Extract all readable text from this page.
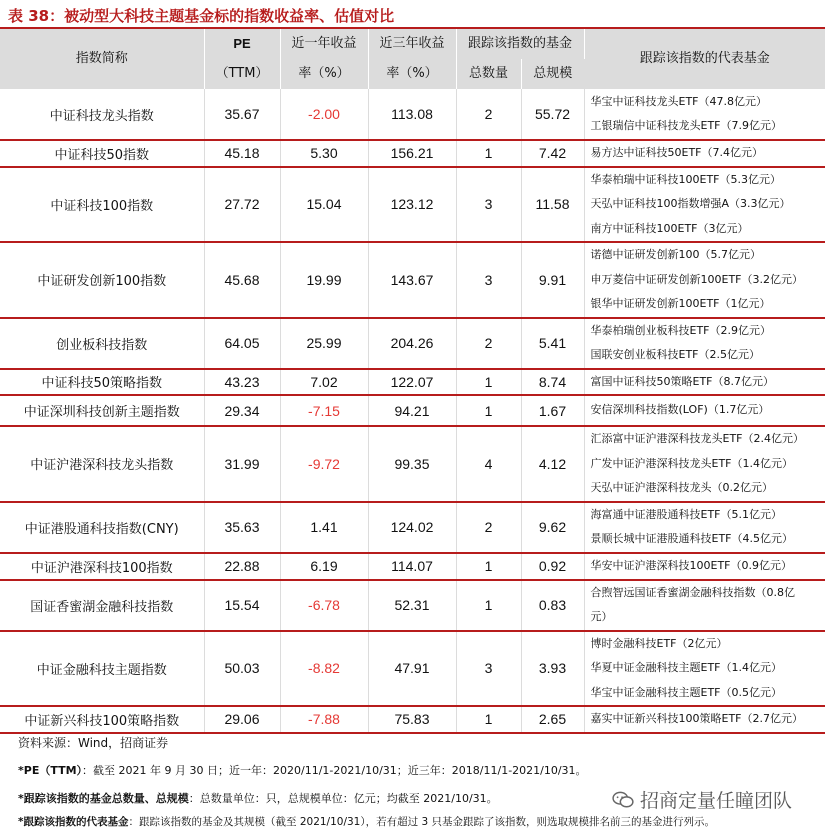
表 38：被动型大科技主题基金标的指数收益率、估值对比
指数简称	PE	近一年收益	近三年收益	跟踪该指数的基金		跟踪该指数的代表基金
	（TTM）	率（%）	率（%）	总数量	总规模	
中证科技龙头指数	35.67	-2.00	113.08	2	55.72	华宝中证科技龙头ETF（47.8亿元）
工银瑞信中证科技龙头ETF（7.9亿元）

中证科技50指数	45.18	5.30	156.21	1	7.42	易方达中证科技50ETF（7.4亿元）

中证科技100指数	27.72	15.04	123.12	3	11.58	华泰柏瑞中证科技100ETF（5.3亿元）
天弘中证科技100指数增强A（3.3亿元）
南方中证科技100ETF（3亿元）

中证研发创新100指数	45.68	19.99	143.67	3	9.91	诺德中证研发创新100（5.7亿元）
申万菱信中证研发创新100ETF（3.2亿元）
银华中证研发创新100ETF（1亿元）

创业板科技指数	64.05	25.99	204.26	2	5.41	华泰柏瑞创业板科技ETF（2.9亿元）
国联安创业板科技ETF（2.5亿元）

中证科技50策略指数	43.23	7.02	122.07	1	8.74	富国中证科技50策略ETF（8.7亿元）

中证深圳科技创新主题指数	29.34	-7.15	94.21	1	1.67	安信深圳科技指数(LOF)（1.7亿元）

中证沪港深科技龙头指数	31.99	-9.72	99.35	4	4.12	汇添富中证沪港深科技龙头ETF（2.4亿元）
广发中证沪港深科技龙头ETF（1.4亿元）
天弘中证沪港深科技龙头（0.2亿元）

中证港股通科技指数(CNY)	35.63	1.41	124.02	2	9.62	海富通中证港股通科技ETF（5.1亿元）
景顺长城中证港股通科技ETF（4.5亿元）

中证沪港深科技100指数	22.88	6.19	114.07	1	0.92	华安中证沪港深科技100ETF（0.9亿元）

国证香蜜湖金融科技指数	15.54	-6.78	52.31	1	0.83	合煦智远国证香蜜湖金融科技指数（0.8亿
元）

中证金融科技主题指数	50.03	-8.82	47.91	3	3.93	博时金融科技ETF（2亿元）
华夏中证金融科技主题ETF（1.4亿元）
华宝中证金融科技主题ETF（0.5亿元）

中证新兴科技100策略指数	29.06	-7.88	75.83	1	2.65	嘉实中证新兴科技100策略ETF（2.7亿元）
资料来源：Wind，招商证券
*PE（TTM）：截至 2021 年 9 月 30 日；近一年：2020/11/1-2021/10/31；近三年：2018/11/1-2021/10/31。
*跟踪该指数的基金总数量、总规模：总数量单位：只，总规模单位：亿元；均截至 2021/10/31。
*跟踪该指数的代表基金：跟踪该指数的基金及其规模（截至 2021/10/31），若有超过 3 只基金跟踪了该指数，则选取规模排名前三的基金进行列示。
招商定量任瞳团队
